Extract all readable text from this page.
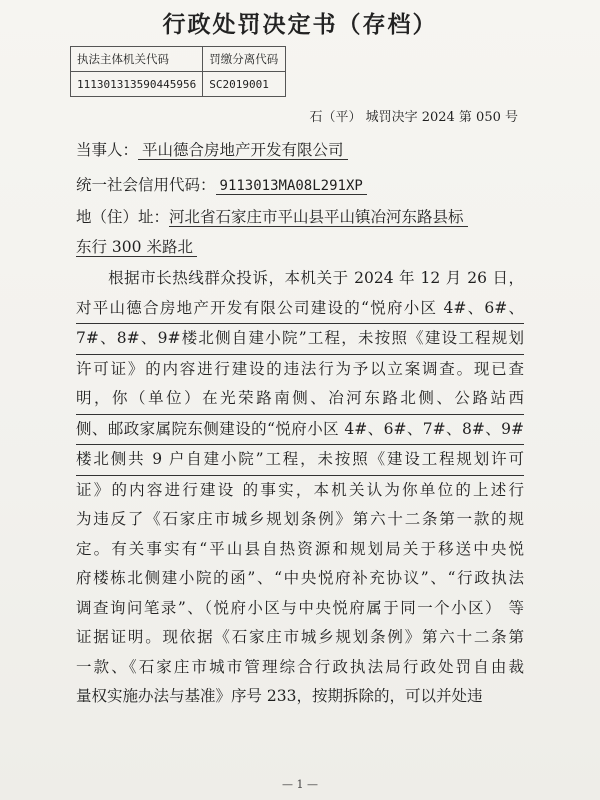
行政处罚决定书（存档）
执法主体机关代码	罚缴分离代码
111301313590445956	SC2019001
石（平） 城罚决字 2024 第 050 号
当事人： 平山德合房地产开发有限公司
统一社会信用代码： 9113013MA08L291XP
地（住）址：河北省石家庄市平山县平山镇冶河东路县标
东行 300 米路北
　　根据市长热线群众投诉，本机关于 2024 年 12 月 26 日，
对平山德合房地产开发有限公司建设的“悦府小区 4#、6#、
7#、8#、9#楼北侧自建小院”工程，未按照《建设工程规划
许可证》的内容进行建设的违法行为予以立案调查。现已查
明，你（单位）在光荣路南侧、冶河东路北侧、公路站西
侧、邮政家属院东侧建设的“悦府小区 4#、6#、7#、8#、9#
楼北侧共 9 户自建小院”工程，未按照《建设工程规划许可
证》的内容进行建设 的事实，本机关认为你单位的上述行
为违反了《石家庄市城乡规划条例》第六十二条第一款的规
定。有关事实有“平山县自热资源和规划局关于移送中央悦
府楼栋北侧建小院的函”、“中央悦府补充协议”、“行政执法
调查询问笔录”、（悦府小区与中央悦府属于同一个小区） 等
证据证明。现依据《石家庄市城乡规划条例》第六十二条第
一款、《石家庄市城市管理综合行政执法局行政处罚自由裁
量权实施办法与基准》序号 233，按期拆除的，可以并处违
— 1 —
